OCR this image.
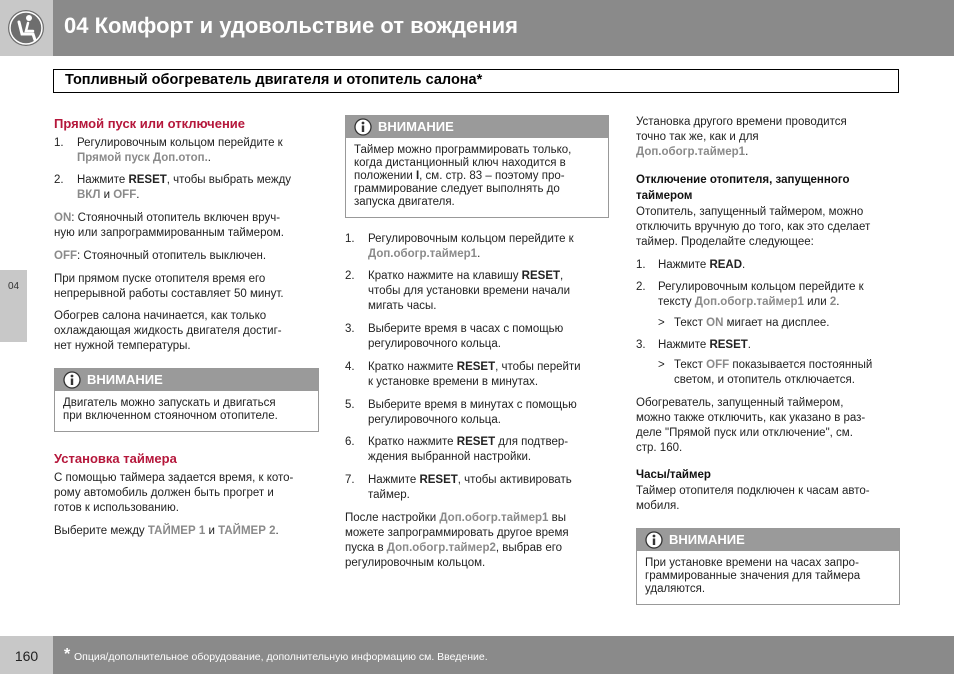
04 Комфорт и удовольствие от вождения
Топливный обогреватель двигателя и отопитель салона*
04
Прямой пуск или отключение
1. Регулировочным кольцом перейдите к
Прямой пуск Доп.отоп..
2. Нажмите RESET, чтобы выбрать между
ВКЛ и OFF.
ON: Стояночный отопитель включен вруч-
ную или запрограммированным таймером.
OFF: Стояночный отопитель выключен.
При прямом пуске отопителя время его
непрерывной работы составляет 50 минут.
Обогрев салона начинается, как только
охлаждающая жидкость двигателя достиг-
нет нужной температуры.
ВНИМАНИЕ
Двигатель можно запускать и двигаться
при включенном стояночном отопителе.
Установка таймера
С помощью таймера задается время, к кото-
рому автомобиль должен быть прогрет и
готов к использованию.
Выберите между ТАЙМЕР 1 и ТАЙМЕР 2.
ВНИМАНИЕ
Таймер можно программировать только,
когда дистанционный ключ находится в
положении I, см. стр. 83 – поэтому про-
граммирование следует выполнять до
запуска двигателя.
1. Регулировочным кольцом перейдите к
Доп.обогр.таймер1.
2. Кратко нажмите на клавишу RESET,
чтобы для установки времени начали
мигать часы.
3. Выберите время в часах с помощью
регулировочного кольца.
4. Кратко нажмите RESET, чтобы перейти
к установке времени в минутах.
5. Выберите время в минутах с помощью
регулировочного кольца.
6. Кратко нажмите RESET для подтвер-
ждения выбранной настройки.
7. Нажмите RESET, чтобы активировать
таймер.
После настройки Доп.обогр.таймер1 вы
можете запрограммировать другое время
пуска в Доп.обогр.таймер2, выбрав его
регулировочным кольцом.
Установка другого времени проводится
точно так же, как и для
Доп.обогр.таймер1.
Отключение отопителя, запущенного
таймером
Отопитель, запущенный таймером, можно
отключить вручную до того, как это сделает
таймер. Проделайте следующее:
1. Нажмите READ.
2. Регулировочным кольцом перейдите к
тексту Доп.обогр.таймер1 или 2.
> Текст ON мигает на дисплее.
3. Нажмите RESET.
> Текст OFF показывается постоянный
светом, и отопитель отключается.
Обогреватель, запущенный таймером,
можно также отключить, как указано в раз-
деле "Прямой пуск или отключение", см.
стр. 160.
Часы/таймер
Таймер отопителя подключен к часам авто-
мобиля.
ВНИМАНИЕ
При установке времени на часах запро-
граммированные значения для таймера
удаляются.
160	* Опция/дополнительное оборудование, дополнительную информацию см. Введение.
